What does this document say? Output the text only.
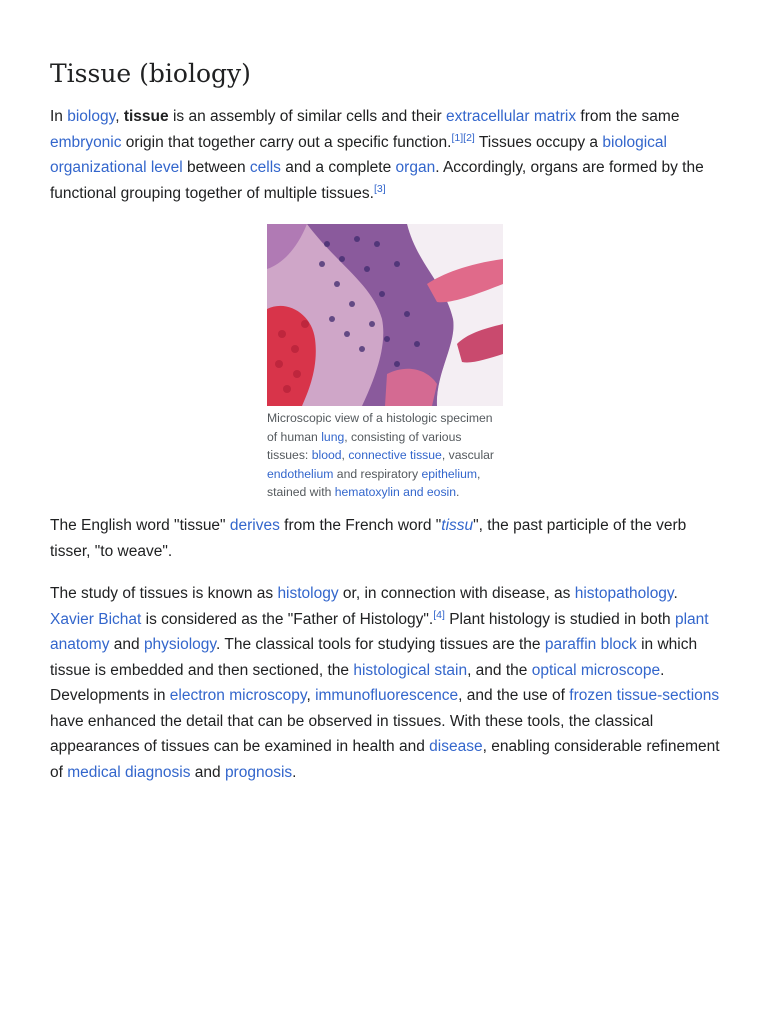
Tissue (biology)

In biology, tissue is an assembly of similar cells and their extracellular matrix from the same embryonic origin that together carry out a specific function.[1][2] Tissues occupy a biological organizational level between cells and a complete organ. Accordingly, organs are formed by the functional grouping together of multiple tissues.[3]

Microscopic view of a histologic specimen of human lung, consisting of various tissues: blood, connective tissue, vascular endothelium and respiratory epithelium, stained with hematoxylin and eosin.

The English word "tissue" derives from the French word "tissu", the past participle of the verb tisser, "to weave".

The study of tissues is known as histology or, in connection with disease, as histopathology. Xavier Bichat is considered as the "Father of Histology".[4] Plant histology is studied in both plant anatomy and physiology. The classical tools for studying tissues are the paraffin block in which tissue is embedded and then sectioned, the histological stain, and the optical microscope. Developments in electron microscopy, immunofluorescence, and the use of frozen tissue-sections have enhanced the detail that can be observed in tissues. With these tools, the classical appearances of tissues can be examined in health and disease, enabling considerable refinement of medical diagnosis and prognosis.
